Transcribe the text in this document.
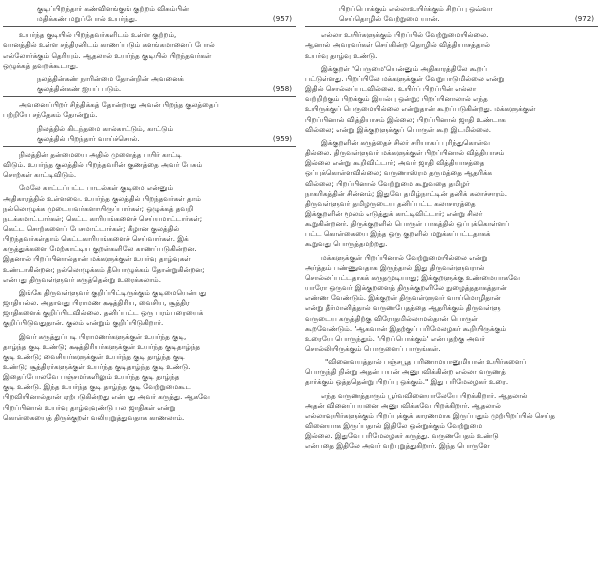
குடிப்பிறந்தார் கண்விளங்குங் குற்றம் விசும்பின்

மதிக்கண் மறுப்போல் உயர்ந்து.	(957)

உயர்ந்த குடியில் பிறந்தவர்களிடம் உள்ள குற்றம்,

வானத்தில் உள்ள சந்திரனிடம் காணப்படும் களங்கமானைப் போல்

எல்லோர்க்கும் தெரியும். ஆதலால் உயர்ந்த குடியில் பிறந்தவர்கள்

ஒழுக்கத் தவறக்கூடாது.

நலத்தின்கண் நாரின்மை தோன்றின் அவனைக்

குலத்தின்கண் ஐயப் படும்.	(958)

அவனைப்பிறர் சிந்திக்கத் தோன்றாது அவன் பிறந்த குலத்தைப்

பற்றியே சந்தேகம் தோன்றும்.

நிலத்தில் கிடந்தமை கால்காட்டும், காட்டும்

குலத்தில் பிறந்தார் வாய்ச்சொல்.	(959)

நிலத்தின் தன்மையை அதில் முளைத்த பயிர் காட்டி

விடும். உயர்ந்த குலத்தில் பிறந்தவரின் குணத்தை அவர் பேசும்

சொற்கள் காட்டிவிடும்.

மேலே காட்டப்பட்ட பாடல்கள் குடிமை என்னும்

அதிகாரத்தில் உள்ளவை. உயர்ந்த குலத்தில் பிறந்தவர்கள் தாம்

நல்லொழுக்க முடையவர்களாயிருப்பார்கள்; ஒழுக்கத் தவறி

நடக்கமாட்டார்கள்; கெட்ட காரியங்களைச் செய்யமாட்டார்கள்;

கெட்ட சொற்களைப் பேசமாட்டார்கள்; கீழான குலத்தில்

பிறந்தவர்கள்தாம் கெட்டகாரியங்களைச் செய்வார்கள். இக்

கருத்துக்களை மேற்காட்டிய குறள்களிலே காணப்படுகின்றன.

இதனால் பிறப்பினால்தான் மக்களுக்குள் உயர்வு தாழ்வுகள்

உண்டாகின்றன; நல்லொழுக்கம் தீயொழுக்கம் தோன்றுகின்றன;

என்பது திருவள்ளுவர் கருத்தென்று உரைக்கலாம்.

இங்கே திருவள்ளுவர் குறிப்பிட்டிருக்கும் குடிமையென்பது

ஜாதியல்ல. அதாவது பிராமண க்ஷத்திரிய, வைசிய, சூத்திர

ஜாதிகளைக் குறிப்பிடவில்லை. தனிப்பட்ட ஒரு பரம்பரையைக்

குறிப்பிடுவதுதான். குலம் என்றும் குறிப்பிடுகிறார்.

இவர் கருத்துப்படி பிராமணர்களுக்குள் உயர்ந்த குடி,

தாழ்ந்த குடி உண்டு; க்ஷத்திரியர்களுக்குள் உயர்ந்த குடிதாழ்ந்த

குடி உண்டு; வைசியர்களுக்குள் உயர்ந்த குடி தாழ்ந்த குடி

உண்டு; சூத்திரர்களுக்குள் உயர்ந்த குடிதாழ்ந்த குடி உண்டு.

இதைப்போலவே பஞ்சமர்களிலும் உயர்ந்த குடி தாழ்ந்த

குடி உண்டு. இந்த உயர்ந்த குடி தாழ்ந்த குடி வேற்றுமைகூட

பிறவியினால்தான் ஏற்படுகின்றது என்பது அவர் கருத்து. ஆகவே

பிறப்பினால் உயர்வு தாழ்வுவுண்டு பல ஜாதிகள் என்று

கொள்கையைத் திருக்குறள் வலியுறுத்துவதாக காணலாம்.

பிறப்பொக்கும் எல்லாஉயிர்க்கும் சிறப்பு ஒவ்வா

செய்தொழில் வேற்றுமை யான்.	(972)

எல்லா உயிர்களுக்கும் பிறப்பில் வேற்றுமையில்லை.

ஆனால் அவரவர்கள் செய்கின்ற தொழில் வித்தியாசத்தால்

உயர்வு தாழ்வு உண்டு.

இக்குறள் 'பெருமை'யென்னும் அதிகாரத்திலே கூறப்

பட்டுள்ளது. பிறப்பிலே மக்களுக்குள் வேறுபாடுமில்லை என்று

இதில் சொல்லப்படவில்லை. உயிர்ப் பிறப்பின் எல்லா

வற்றிற்கும் பிறக்கும் இயல்பு ஒன்று; பிறப்பினாலால் எந்த

உயிருக்குப் பெருமையில்லை என்றுதான் கூறப்படுகின்றது. மக்களுக்குள்

பிறப்பினால் வித்தியாசம் இல்லை; பிறப்பினால் ஜாதி உண்டாக

வில்லை; என்று இக்குறளுக்குப் பொருள் கூற இடமில்லை.

இக்குறளின் கருத்தைச் சிலர் சரியாகப் புரிந்துகொள்வ

தில்லை. திருவள்ளுவர் மக்களுக்குள் பிறப்பினால் வித்தியாசம்

இல்லை என்று கூறிவிட்டார்; அவர் ஜாதி வித்தியாசத்தை

ஒப்புக்கொள்ளவில்லை; வருணாஸ்ரம தருமத்தை ஆதரிக்க

வில்லை; பிறப்பினால் வேற்றுமை கூறுவதை தமிழர்

நாகரிகத்தின் சின்னம்; இதுவே தமிழ்நாட்டின் தனிக் கலாச்சாரம்.

திருவள்ளுவர் தமிழருடைய தனிப்பட்ட கலாசாரத்தை

இக்குறளின் மூலம் எடுத்துக் காட்டிவிட்டார்; என்று சிலர்

கூறுகின்றனர். திருக்குறளில் பொருள் பாகத்தில் ஒப்புக்கொள்ளப்

பட்ட கொள்கையை இந்த ஒரு குறளில் மறுக்கப்பட்டதாகக்

கூறுவது பொருத்தமற்றது.

மக்களுக்குள் பிறப்பினால் வேற்றுமையில்லை என்று

அர்த்தம் பண்ணுவதாக இருந்தால் இது திருவள்ளுவரால்

சொல்லப்பட்டதாகக் கருதமுடியாது; இக்குறளுக்கு உண்மையாகவே

யாரோ ஒருவர் இக்குறளைத் திருக்குறளிலே நுழைத்ததாகத்தான்

எண்ண வேண்டும். இக்குறள் திருவள்ளுவர் வாய்மொழிதான்

என்று தீர்மானித்தால் வருணபேதத்தை ஆதரிக்கும் திருவள்ளு

வருடைய கருத்திற்கு விரோதமில்லாமல்தான் பொருள்

கூறவேண்டும். 'ஆகவான் இதற்குப் பரிமேலழகர் கூறியிருக்கும்

உரையே பொருந்தும். 'பிறப்பொக்கும்' என்பதற்கு அவர்

சொல்லியிருக்கும் பொருளைப் பாருங்கள்.

"வினைவயத்தால் பஞ்சபூத பரிணாமயானுமியான் உயிர்களைப்

பொருந்தி நின்று அதன் பயன் அனுபவிக்கின்ற எல்லா வருணத்

தார்க்கும் ஒத்ததென்று பிறப்பு ஒக்கும்." இது பரிமேலழகர் உரை.

எந்த வருணத்தாரும் பூர்வவினையாலேயே பிறக்கிறார். ஆதலால்

அதன் வினைப்பயனை அனுபவிக்கவே பிறக்கிறார். ஆதலால்

எல்லாவுயிர்களுக்கும் பிறப்புக்குக் காரணமாக இருப்பதும் முற்பிறப்பில் செய்த

வினையாக இருப்பதால் இதிலே ஒன்றுக்கும் வேற்றுமை

இல்லை. இதுவே பரிமேலழகர் கருத்து. வருணபேதம் உண்டு

என்பதை இதிலே அவர் வற்புறுத்துகிறார். இந்த பொருளே
